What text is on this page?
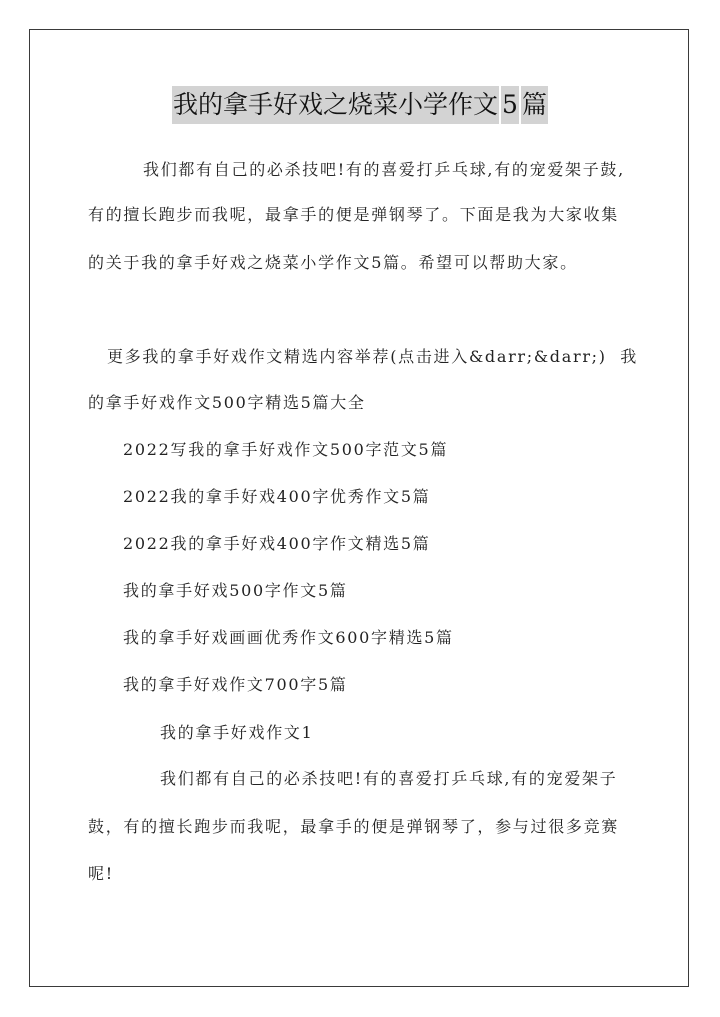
我的拿手好戏之烧菜小学作文 5 篇
我们都有自己的必杀技吧!有的喜爱打乒乓球,有的宠爱架子鼓,
有的擅长跑步而我呢，最拿手的便是弹钢琴了。下面是我为大家收集
的关于我的拿手好戏之烧菜小学作文5篇。希望可以帮助大家。
更多我的拿手好戏作文精选内容举荐(点击进入&darr;&darr;)  我
的拿手好戏作文500字精选5篇大全
2022写我的拿手好戏作文500字范文5篇
2022我的拿手好戏400字优秀作文5篇
2022我的拿手好戏400字作文精选5篇
我的拿手好戏500字作文5篇
我的拿手好戏画画优秀作文600字精选5篇
我的拿手好戏作文700字5篇
我的拿手好戏作文1
我们都有自己的必杀技吧!有的喜爱打乒乓球,有的宠爱架子
鼓，有的擅长跑步而我呢，最拿手的便是弹钢琴了，参与过很多竞赛
呢!
